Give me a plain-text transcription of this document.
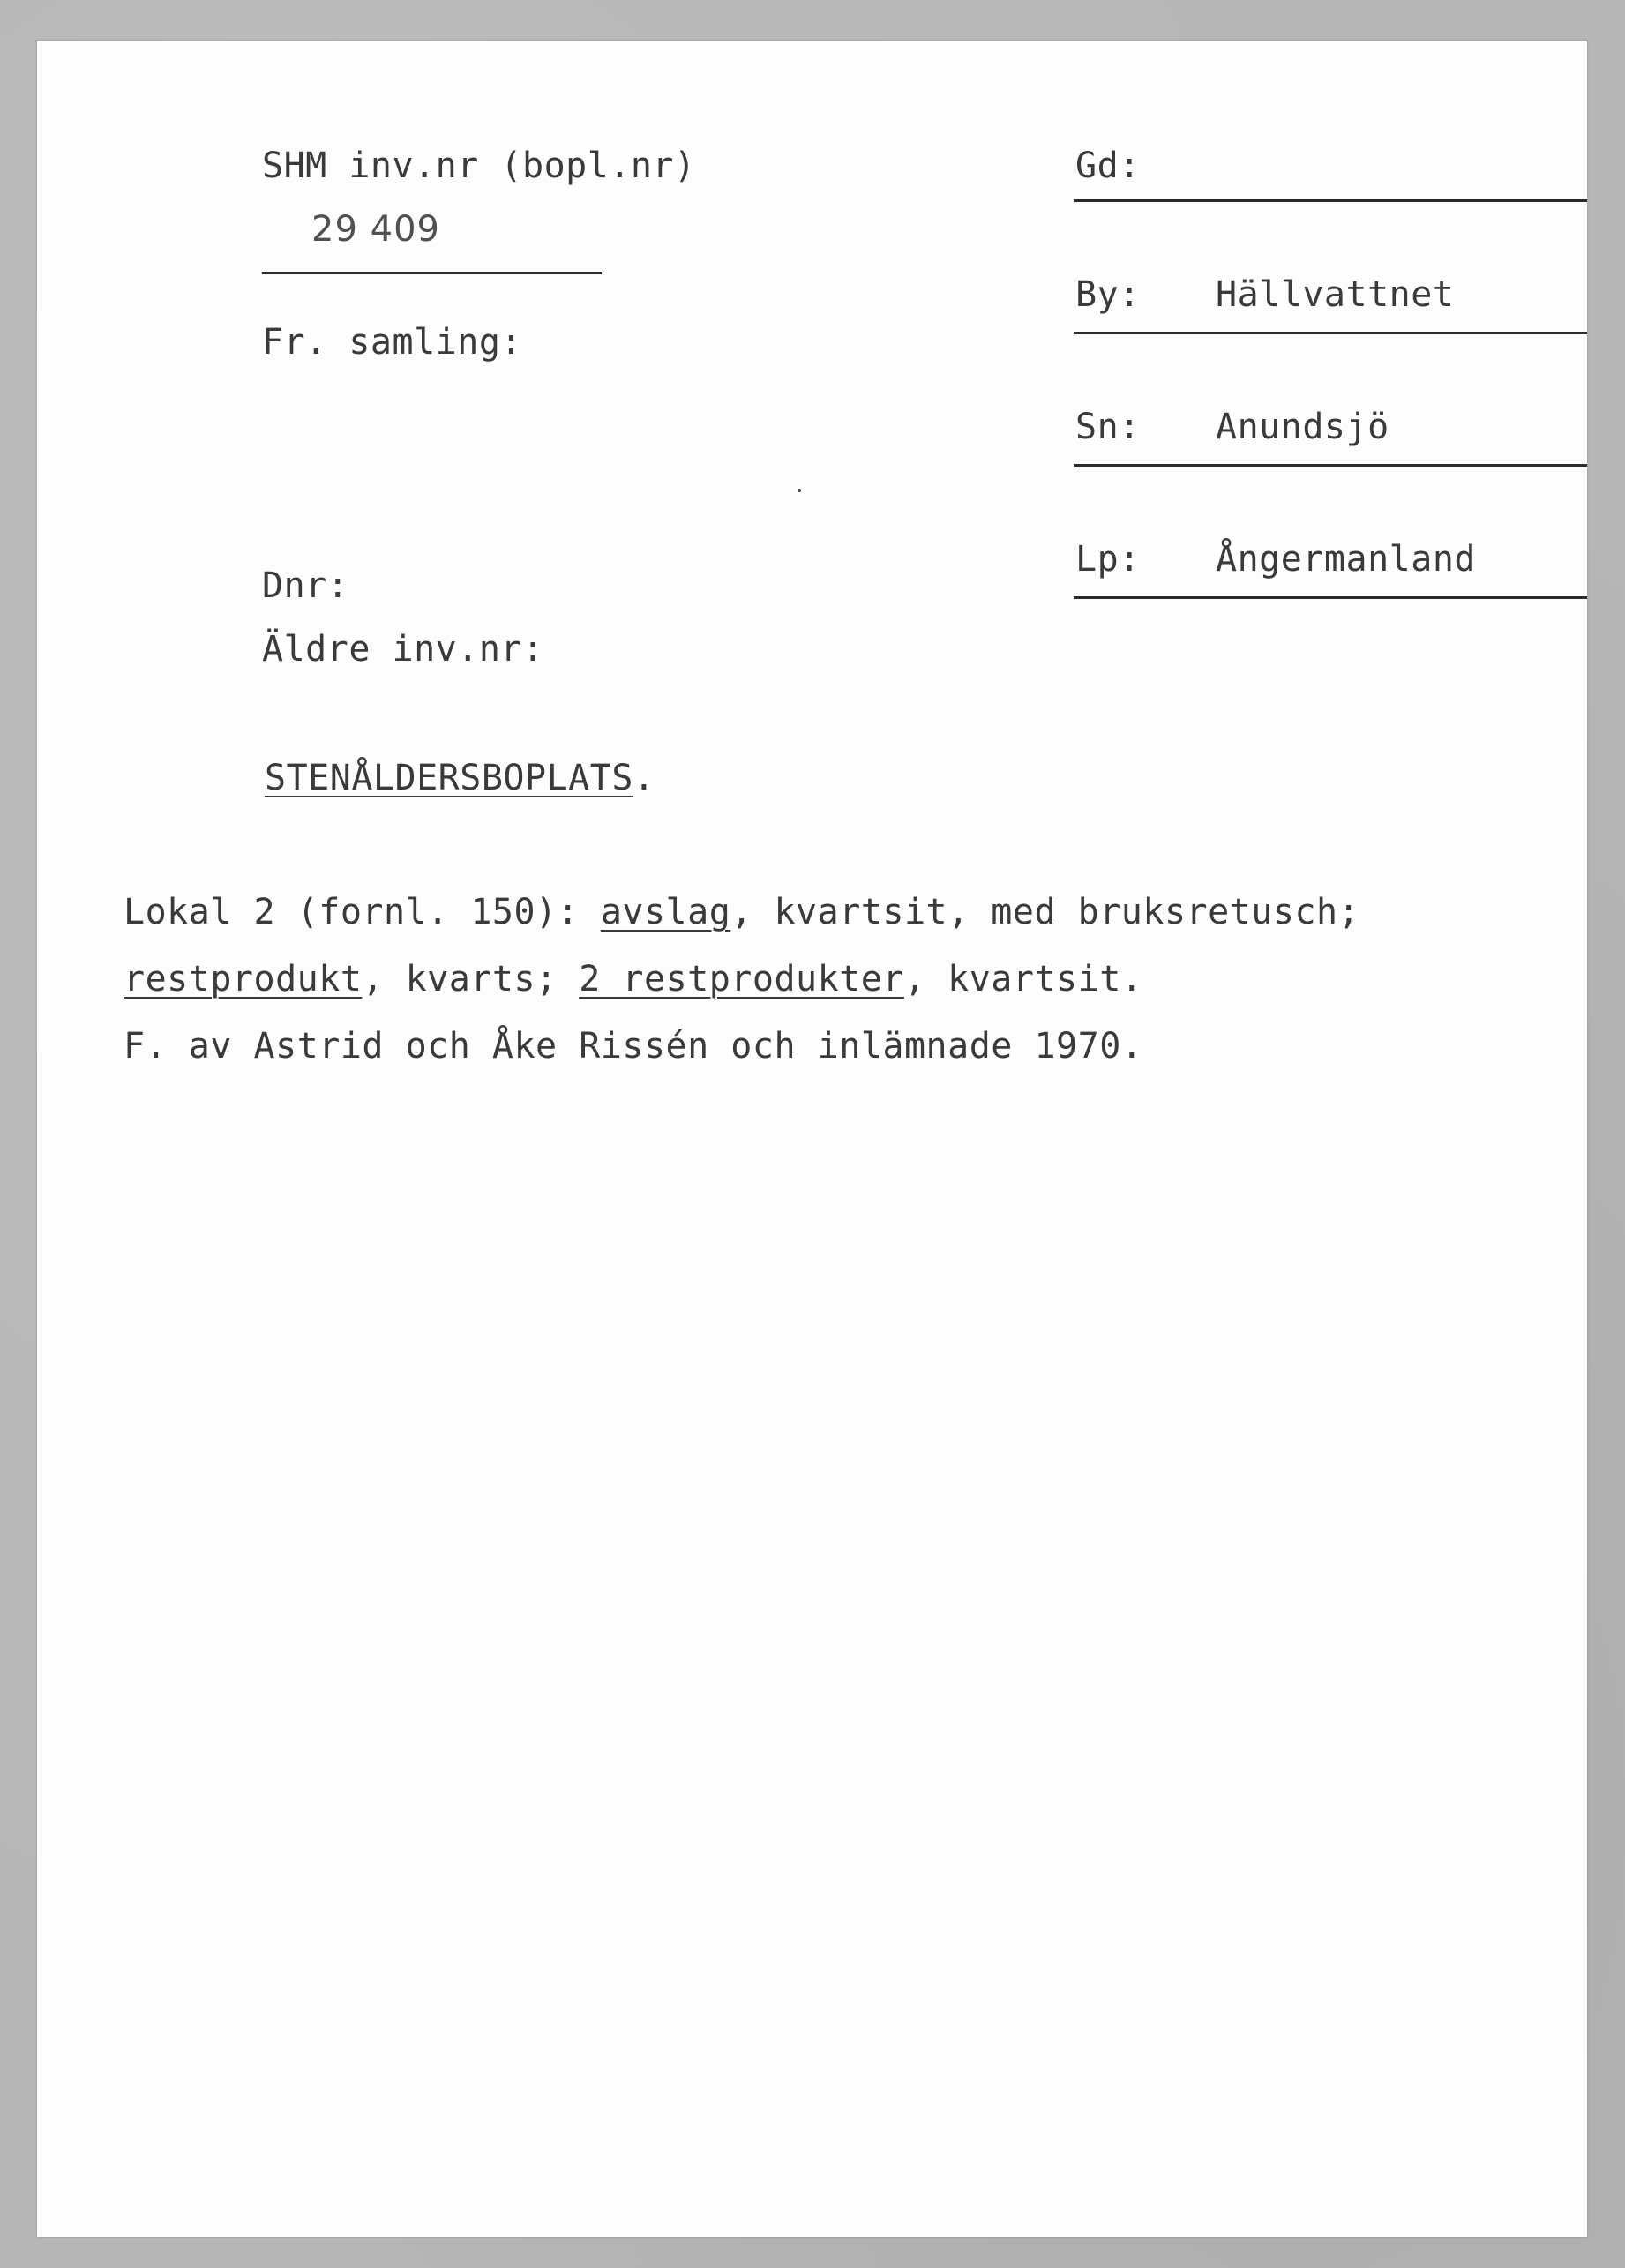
SHM inv.nr (bopl.nr)
29 409
Fr. samling:
Dnr:
Äldre inv.nr:
Gd:
By: Hällvattnet
Sn: Anundsjö
Lp: Ångermanland
STENÅLDERSBOPLATS.
Lokal 2 (fornl. 150): avslag, kvartsit, med bruksretusch;
restprodukt, kvarts; 2 restprodukter, kvartsit.
F. av Astrid och Åke Rissén och inlämnade 1970.
